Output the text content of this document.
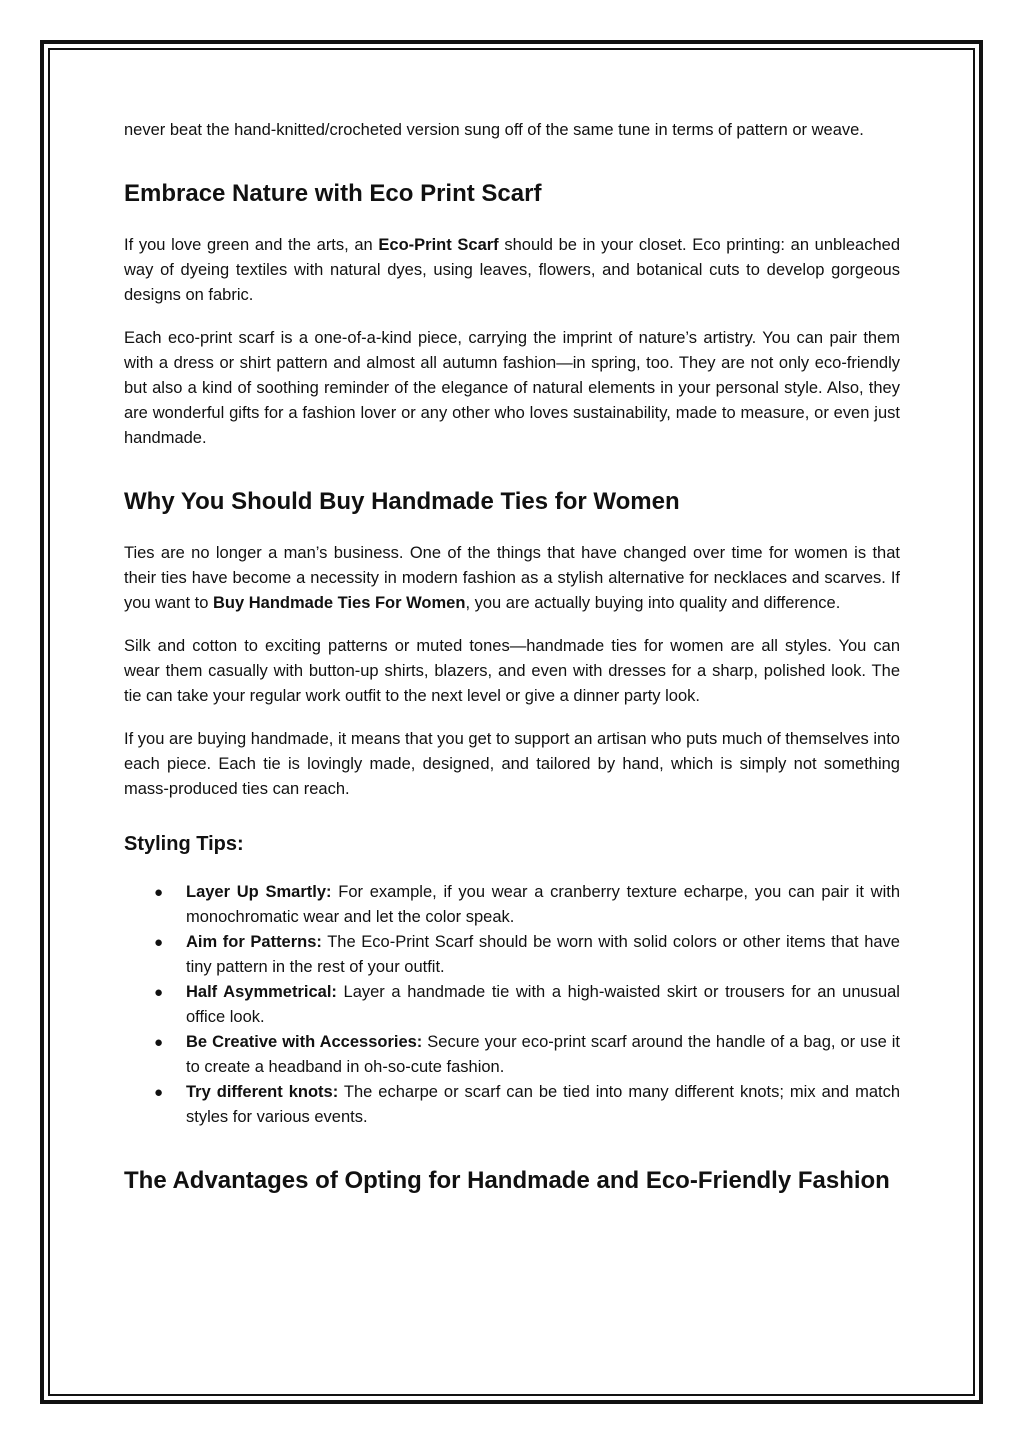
never beat the hand-knitted/crocheted version sung off of the same tune in terms of pattern or weave.

Embrace Nature with Eco Print Scarf

If you love green and the arts, an Eco-Print Scarf should be in your closet. Eco printing: an unbleached way of dyeing textiles with natural dyes, using leaves, flowers, and botanical cuts to develop gorgeous designs on fabric.

Each eco-print scarf is a one-of-a-kind piece, carrying the imprint of nature’s artistry. You can pair them with a dress or shirt pattern and almost all autumn fashion—in spring, too. They are not only eco-friendly but also a kind of soothing reminder of the elegance of natural elements in your personal style. Also, they are wonderful gifts for a fashion lover or any other who loves sustainability, made to measure, or even just handmade.

Why You Should Buy Handmade Ties for Women

Ties are no longer a man’s business. One of the things that have changed over time for women is that their ties have become a necessity in modern fashion as a stylish alternative for necklaces and scarves. If you want to Buy Handmade Ties For Women, you are actually buying into quality and difference.

Silk and cotton to exciting patterns or muted tones—handmade ties for women are all styles. You can wear them casually with button-up shirts, blazers, and even with dresses for a sharp, polished look. The tie can take your regular work outfit to the next level or give a dinner party look.

If you are buying handmade, it means that you get to support an artisan who puts much of themselves into each piece. Each tie is lovingly made, designed, and tailored by hand, which is simply not something mass-produced ties can reach.

Styling Tips:
● Layer Up Smartly: For example, if you wear a cranberry texture echarpe, you can pair it with monochromatic wear and let the color speak.
● Aim for Patterns: The Eco-Print Scarf should be worn with solid colors or other items that have tiny pattern in the rest of your outfit.
● Half Asymmetrical: Layer a handmade tie with a high-waisted skirt or trousers for an unusual office look.
● Be Creative with Accessories: Secure your eco-print scarf around the handle of a bag, or use it to create a headband in oh-so-cute fashion.
● Try different knots: The echarpe or scarf can be tied into many different knots; mix and match styles for various events.
The Advantages of Opting for Handmade and Eco-Friendly Fashion
